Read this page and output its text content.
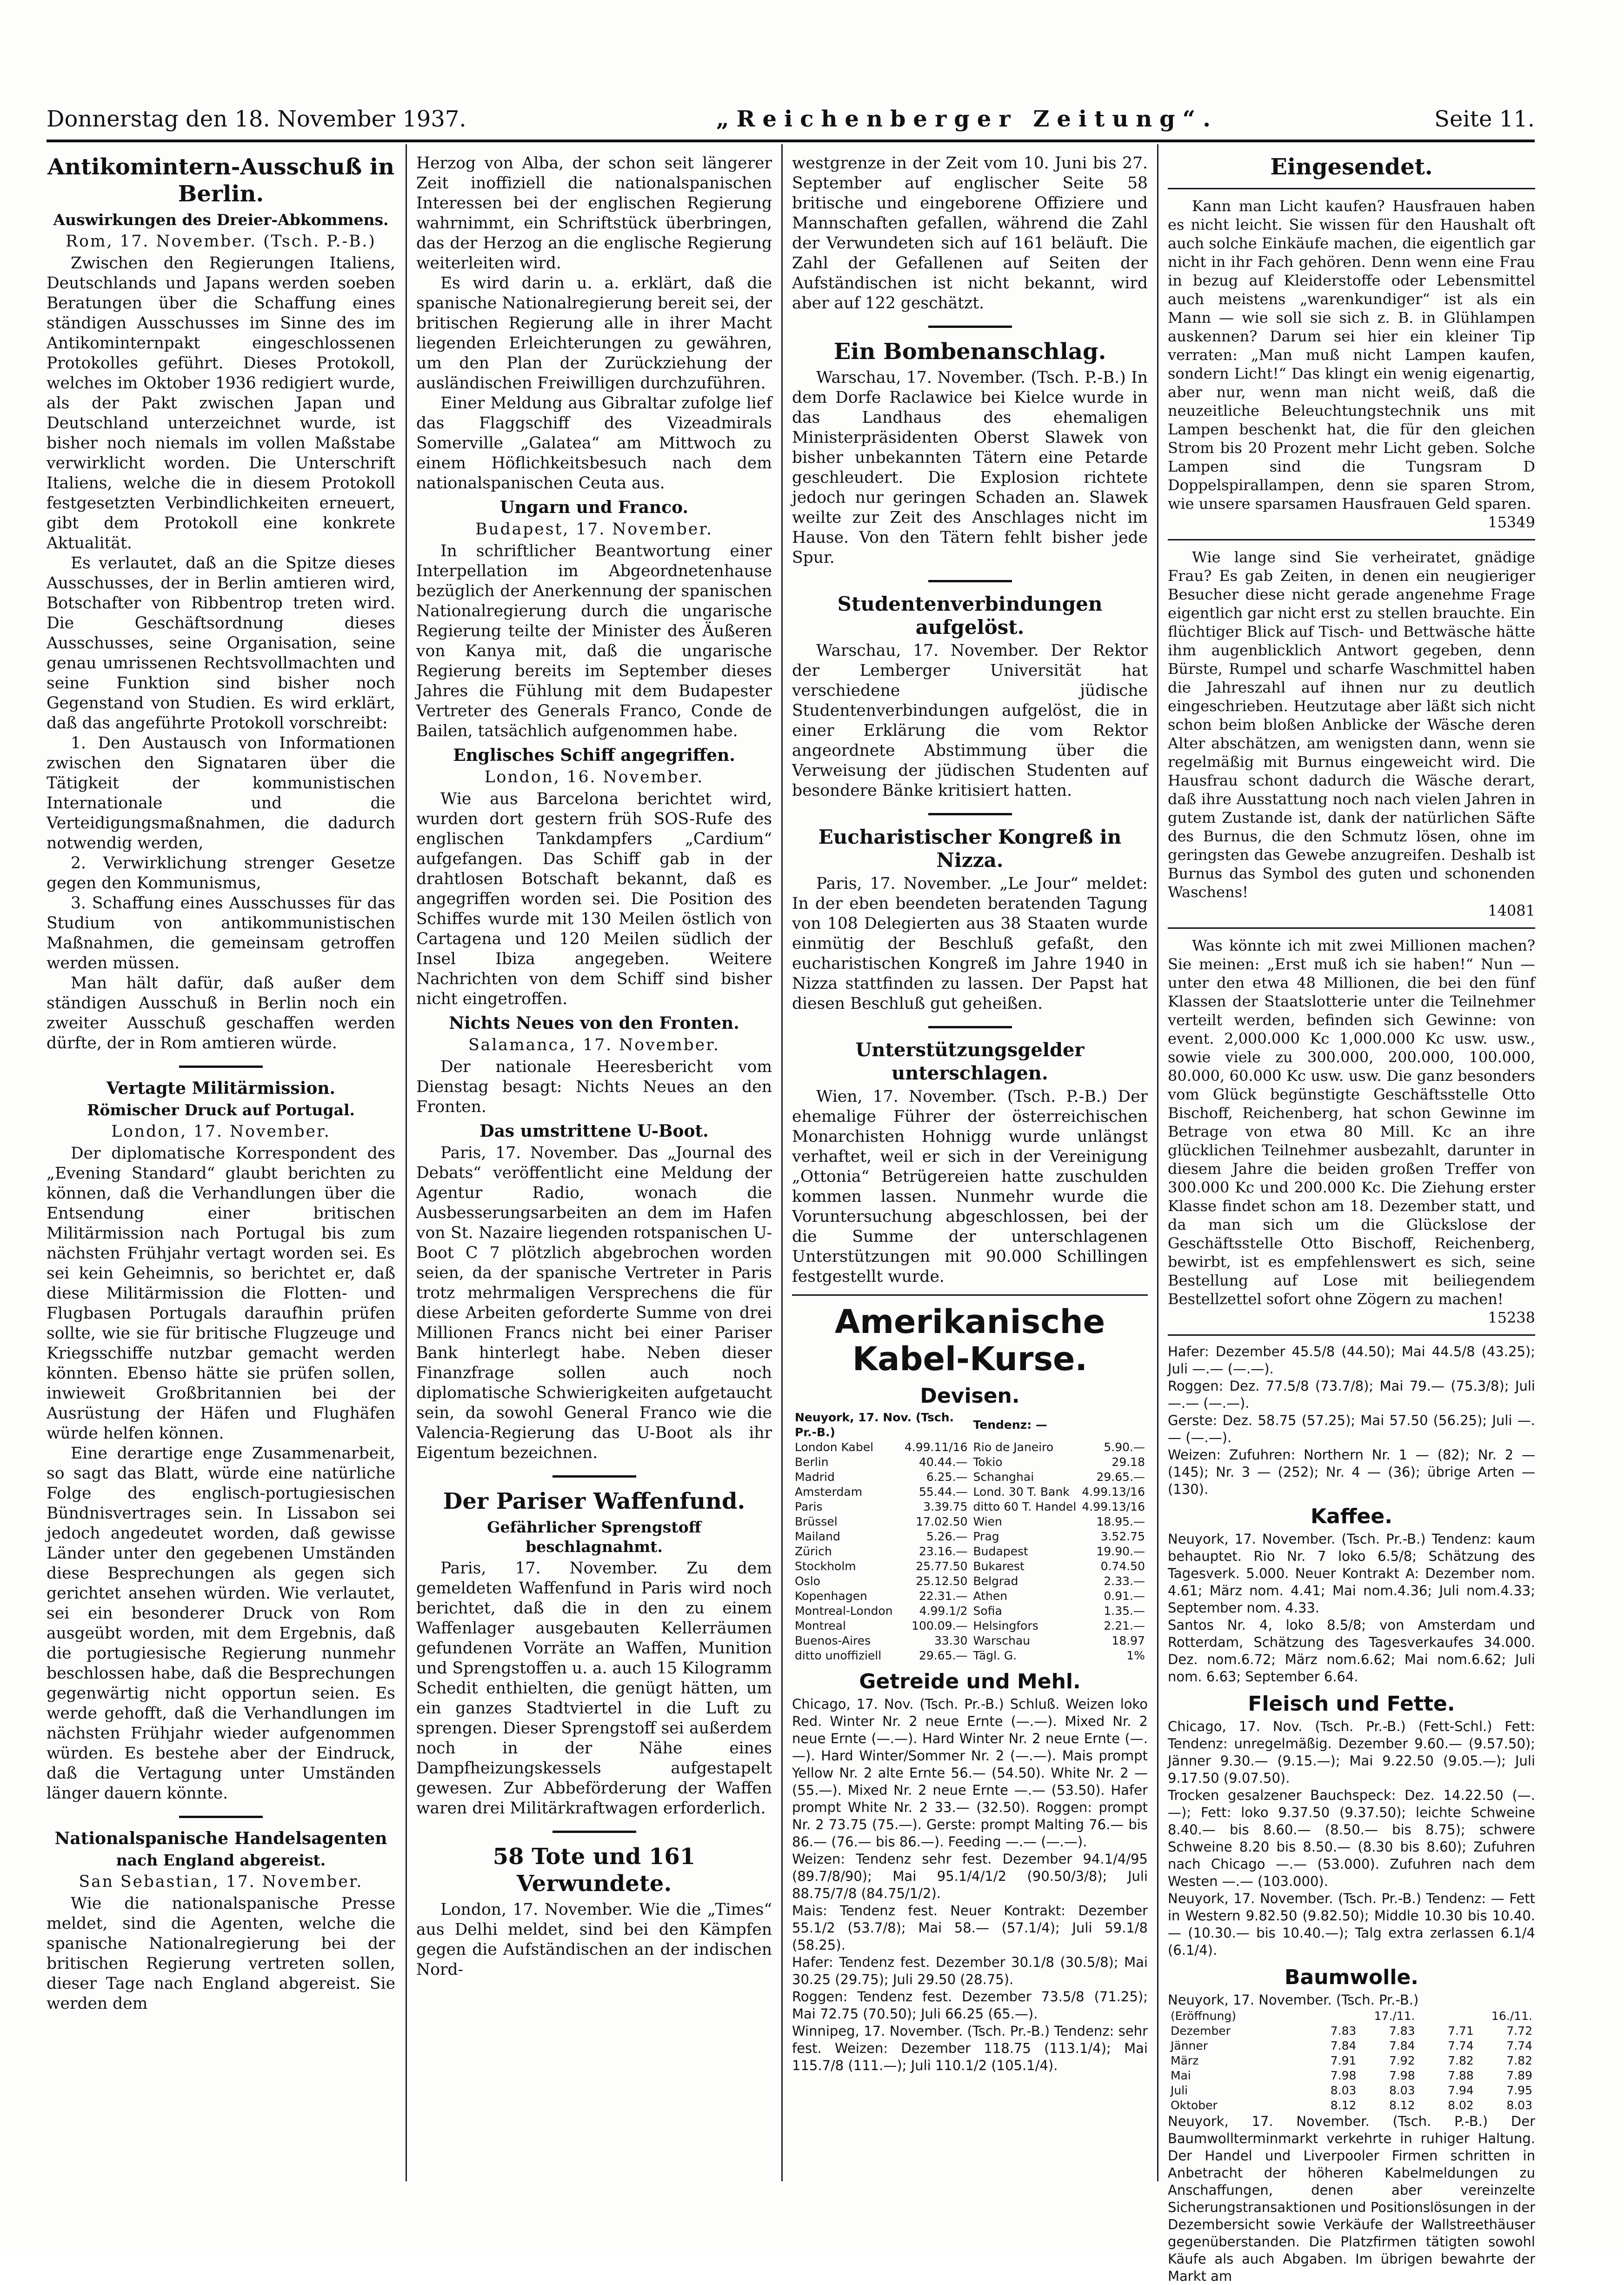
Donnerstag den 18. November 1937.	„Reichenberger Zeitung“.	Seite 11.
Antikomintern-Ausschuß in Berlin.
Auswirkungen des Dreier-Abkommens.
Rom, 17. November. (Tsch. P.-B.)

Zwischen den Regierungen Italiens, Deutschlands und Japans werden soeben Beratungen über die Schaffung eines ständigen Ausschusses im Sinne des im Antikominternpakt eingeschlossenen Protokolles geführt. Dieses Protokoll, welches im Oktober 1936 redigiert wurde, als der Pakt zwischen Japan und Deutschland unterzeichnet wurde, ist bisher noch niemals im vollen Maßstabe verwirklicht worden. Die Unterschrift Italiens, welche die in diesem Protokoll festgesetzten Verbindlichkeiten erneuert, gibt dem Protokoll eine konkrete Aktualität.

Es verlautet, daß an die Spitze dieses Ausschusses, der in Berlin amtieren wird, Botschafter von Ribbentrop treten wird. Die Geschäftsordnung dieses Ausschusses, seine Organisation, seine genau umrissenen Rechtsvollmachten und seine Funktion sind bisher noch Gegenstand von Studien. Es wird erklärt, daß das angeführte Protokoll vorschreibt:

1. Den Austausch von Informationen zwischen den Signataren über die Tätigkeit der kommunistischen Internationale und die Verteidigungsmaßnahmen, die dadurch notwendig werden,

2. Verwirklichung strenger Gesetze gegen den Kommunismus,

3. Schaffung eines Ausschusses für das Studium von antikommunistischen Maßnahmen, die gemeinsam getroffen werden müssen.

Man hält dafür, daß außer dem ständigen Ausschuß in Berlin noch ein zweiter Ausschuß geschaffen werden dürfte, der in Rom amtieren würde.

Vertagte Militärmission.
Römischer Druck auf Portugal.
London, 17. November.

Der diplomatische Korrespondent des „Evening Standard“ glaubt berichten zu können, daß die Verhandlungen über die Entsendung einer britischen Militärmission nach Portugal bis zum nächsten Frühjahr vertagt worden sei. Es sei kein Geheimnis, so berichtet er, daß diese Militärmission die Flotten- und Flugbasen Portugals daraufhin prüfen sollte, wie sie für britische Flugzeuge und Kriegsschiffe nutzbar gemacht werden könnten. Ebenso hätte sie prüfen sollen, inwieweit Großbritannien bei der Ausrüstung der Häfen und Flughäfen würde helfen können.

Eine derartige enge Zusammenarbeit, so sagt das Blatt, würde eine natürliche Folge des englisch-portugiesischen Bündnisvertrages sein. In Lissabon sei jedoch angedeutet worden, daß gewisse Länder unter den gegebenen Umständen diese Besprechungen als gegen sich gerichtet ansehen würden. Wie verlautet, sei ein besonderer Druck von Rom ausgeübt worden, mit dem Ergebnis, daß die portugiesische Regierung nunmehr beschlossen habe, daß die Besprechungen gegenwärtig nicht opportun seien. Es werde gehofft, daß die Verhandlungen im nächsten Frühjahr wieder aufgenommen würden. Es bestehe aber der Eindruck, daß die Vertagung unter Umständen länger dauern könnte.

Nationalspanische Handelsagenten
nach England abgereist.
San Sebastian, 17. November.

Wie die nationalspanische Presse meldet, sind die Agenten, welche die spanische Nationalregierung bei der britischen Regierung vertreten sollen, dieser Tage nach England abgereist. Sie werden dem

Herzog von Alba, der schon seit längerer Zeit inoffiziell die nationalspanischen Interessen bei der englischen Regierung wahrnimmt, ein Schriftstück überbringen, das der Herzog an die englische Regierung weiterleiten wird.

Es wird darin u. a. erklärt, daß die spanische Nationalregierung bereit sei, der britischen Regierung alle in ihrer Macht liegenden Erleichterungen zu gewähren, um den Plan der Zurückziehung der ausländischen Freiwilligen durchzuführen.

Einer Meldung aus Gibraltar zufolge lief das Flaggschiff des Vizeadmirals Somerville „Galatea“ am Mittwoch zu einem Höflichkeitsbesuch nach dem nationalspanischen Ceuta aus.

Ungarn und Franco.
Budapest, 17. November.

In schriftlicher Beantwortung einer Interpellation im Abgeordnetenhause bezüglich der Anerkennung der spanischen Nationalregierung durch die ungarische Regierung teilte der Minister des Äußeren von Kanya mit, daß die ungarische Regierung bereits im September dieses Jahres die Fühlung mit dem Budapester Vertreter des Generals Franco, Conde de Bailen, tatsächlich aufgenommen habe.

Englisches Schiff angegriffen.
London, 16. November.

Wie aus Barcelona berichtet wird, wurden dort gestern früh SOS-Rufe des englischen Tankdampfers „Cardium“ aufgefangen. Das Schiff gab in der drahtlosen Botschaft bekannt, daß es angegriffen worden sei. Die Position des Schiffes wurde mit 130 Meilen östlich von Cartagena und 120 Meilen südlich der Insel Ibiza angegeben. Weitere Nachrichten von dem Schiff sind bisher nicht eingetroffen.

Nichts Neues von den Fronten.
Salamanca, 17. November.

Der nationale Heeresbericht vom Dienstag besagt: Nichts Neues an den Fronten.

Das umstrittene U-Boot.

Paris, 17. November. Das „Journal des Debats“ veröffentlicht eine Meldung der Agentur Radio, wonach die Ausbesserungsarbeiten an dem im Hafen von St. Nazaire liegenden rotspanischen U-Boot C 7 plötzlich abgebrochen worden seien, da der spanische Vertreter in Paris trotz mehrmaligen Versprechens die für diese Arbeiten geforderte Summe von drei Millionen Francs nicht bei einer Pariser Bank hinterlegt habe. Neben dieser Finanzfrage sollen auch noch diplomatische Schwierigkeiten aufgetaucht sein, da sowohl General Franco wie die Valencia-Regierung das U-Boot als ihr Eigentum bezeichnen.

Der Pariser Waffenfund.
Gefährlicher Sprengstoff beschlagnahmt.

Paris, 17. November. Zu dem gemeldeten Waffenfund in Paris wird noch berichtet, daß die in den zu einem Waffenlager ausgebauten Kellerräumen gefundenen Vorräte an Waffen, Munition und Sprengstoffen u. a. auch 15 Kilogramm Schedit enthielten, die genügt hätten, um ein ganzes Stadtviertel in die Luft zu sprengen. Dieser Sprengstoff sei außerdem noch in der Nähe eines Dampfheizungskessels aufgestapelt gewesen. Zur Abbeförderung der Waffen waren drei Militärkraftwagen erforderlich.

58 Tote und 161 Verwundete.

London, 17. November. Wie die „Times“ aus Delhi meldet, sind bei den Kämpfen gegen die Aufständischen an der indischen Nord-

westgrenze in der Zeit vom 10. Juni bis 27. September auf englischer Seite 58 britische und eingeborene Offiziere und Mannschaften gefallen, während die Zahl der Verwundeten sich auf 161 beläuft. Die Zahl der Gefallenen auf Seiten der Aufständischen ist nicht bekannt, wird aber auf 122 geschätzt.

Ein Bombenanschlag.

Warschau, 17. November. (Tsch. P.-B.) In dem Dorfe Raclawice bei Kielce wurde in das Landhaus des ehemaligen Ministerpräsidenten Oberst Slawek von bisher unbekannten Tätern eine Petarde geschleudert. Die Explosion richtete jedoch nur geringen Schaden an. Slawek weilte zur Zeit des Anschlages nicht im Hause. Von den Tätern fehlt bisher jede Spur.

Studentenverbindungen aufgelöst.

Warschau, 17. November. Der Rektor der Lemberger Universität hat verschiedene jüdische Studentenverbindungen aufgelöst, die in einer Erklärung die vom Rektor angeordnete Abstimmung über die Verweisung der jüdischen Studenten auf besondere Bänke kritisiert hatten.

Eucharistischer Kongreß in Nizza.

Paris, 17. November. „Le Jour“ meldet: In der eben beendeten beratenden Tagung von 108 Delegierten aus 38 Staaten wurde einmütig der Beschluß gefaßt, den eucharistischen Kongreß im Jahre 1940 in Nizza stattfinden zu lassen. Der Papst hat diesen Beschluß gut geheißen.

Unterstützungsgelder unterschlagen.

Wien, 17. November. (Tsch. P.-B.) Der ehemalige Führer der österreichischen Monarchisten Hohnigg wurde unlängst verhaftet, weil er sich in der Vereinigung „Ottonia“ Betrügereien hatte zuschulden kommen lassen. Nunmehr wurde die Voruntersuchung abgeschlossen, bei der die Summe der unterschlagenen Unterstützungen mit 90.000 Schillingen festgestellt wurde.

Amerikanische Kabel-Kurse.
Devisen.
Neuyork, 17. Nov. (Tsch. Pr.-B.)		Tendenz: —	
London Kabel	4.99.11/16	Rio de Janeiro	5.90.—
Berlin	40.44.—	Tokio	29.18
Madrid	6.25.—	Schanghai	29.65.—
Amsterdam	55.44.—	Lond. 30 T. Bank	4.99.13/16
Paris	3.39.75	ditto 60 T. Handel	4.99.13/16
Brüssel	17.02.50	Wien	18.95.—
Mailand	5.26.—	Prag	3.52.75
Zürich	23.16.—	Budapest	19.90.—
Stockholm	25.77.50	Bukarest	0.74.50
Oslo	25.12.50	Belgrad	2.33.—
Kopenhagen	22.31.—	Athen	0.91.—
Montreal-London	4.99.1/2	Sofia	1.35.—
Montreal	100.09.—	Helsingfors	2.21.—
Buenos-Aires	33.30	Warschau	18.97
ditto unoffiziell	29.65.—	Tägl. G.	1%
Getreide und Mehl.

Chicago, 17. Nov. (Tsch. Pr.-B.) Schluß. Weizen loko Red. Winter Nr. 2 neue Ernte (—.—). Mixed Nr. 2 neue Ernte (—.—). Hard Winter Nr. 2 neue Ernte (—.—). Hard Winter/Sommer Nr. 2 (—.—). Mais prompt Yellow Nr. 2 alte Ernte 56.— (54.50). White Nr. 2 — (55.—). Mixed Nr. 2 neue Ernte —.— (53.50). Hafer prompt White Nr. 2 33.— (32.50). Roggen: prompt Nr. 2 73.75 (75.—). Gerste: prompt Malting 76.— bis 86.— (76.— bis 86.—). Feeding —.— (—.—).

Weizen: Tendenz sehr fest. Dezember 94.1/4/95 (89.7/8/90); Mai 95.1/4/1/2 (90.50/3/8); Juli 88.75/7/8 (84.75/1/2).

Mais: Tendenz fest. Neuer Kontrakt: Dezember 55.1/2 (53.7/8); Mai 58.— (57.1/4); Juli 59.1/8 (58.25).

Hafer: Tendenz fest. Dezember 30.1/8 (30.5/8); Mai 30.25 (29.75); Juli 29.50 (28.75).

Roggen: Tendenz fest. Dezember 73.5/8 (71.25); Mai 72.75 (70.50); Juli 66.25 (65.—).

Winnipeg, 17. November. (Tsch. Pr.-B.) Tendenz: sehr fest. Weizen: Dezember 118.75 (113.1/4); Mai 115.7/8 (111.—); Juli 110.1/2 (105.1/4).

Eingesendet.

Kann man Licht kaufen? Hausfrauen haben es nicht leicht. Sie wissen für den Haushalt oft auch solche Einkäufe machen, die eigentlich gar nicht in ihr Fach gehören. Denn wenn eine Frau in bezug auf Kleiderstoffe oder Lebensmittel auch meistens „warenkundiger“ ist als ein Mann — wie soll sie sich z. B. in Glühlampen auskennen? Darum sei hier ein kleiner Tip verraten: „Man muß nicht Lampen kaufen, sondern Licht!“ Das klingt ein wenig eigenartig, aber nur, wenn man nicht weiß, daß die neuzeitliche Beleuchtungstechnik uns mit Lampen beschenkt hat, die für den gleichen Strom bis 20 Prozent mehr Licht geben. Solche Lampen sind die Tungsram D Doppelspirallampen, denn sie sparen Strom, wie unsere sparsamen Hausfrauen Geld sparen.

15349

Wie lange sind Sie verheiratet, gnädige Frau? Es gab Zeiten, in denen ein neugieriger Besucher diese nicht gerade angenehme Frage eigentlich gar nicht erst zu stellen brauchte. Ein flüchtiger Blick auf Tisch- und Bettwäsche hätte ihm augenblicklich Antwort gegeben, denn Bürste, Rumpel und scharfe Waschmittel haben die Jahreszahl auf ihnen nur zu deutlich eingeschrieben. Heutzutage aber läßt sich nicht schon beim bloßen Anblicke der Wäsche deren Alter abschätzen, am wenigsten dann, wenn sie regelmäßig mit Burnus eingeweicht wird. Die Hausfrau schont dadurch die Wäsche derart, daß ihre Ausstattung noch nach vielen Jahren in gutem Zustande ist, dank der natürlichen Säfte des Burnus, die den Schmutz lösen, ohne im geringsten das Gewebe anzugreifen. Deshalb ist Burnus das Symbol des guten und schonenden Waschens!

14081

Was könnte ich mit zwei Millionen machen? Sie meinen: „Erst muß ich sie haben!“ Nun — unter den etwa 48 Millionen, die bei den fünf Klassen der Staatslotterie unter die Teilnehmer verteilt werden, befinden sich Gewinne: von event. 2,000.000 Kc 1,000.000 Kc usw. usw., sowie viele zu 300.000, 200.000, 100.000, 80.000, 60.000 Kc usw. usw. Die ganz besonders vom Glück begünstigte Geschäftsstelle Otto Bischoff, Reichenberg, hat schon Gewinne im Betrage von etwa 80 Mill. Kc an ihre glücklichen Teilnehmer ausbezahlt, darunter in diesem Jahre die beiden großen Treffer von 300.000 Kc und 200.000 Kc. Die Ziehung erster Klasse findet schon am 18. Dezember statt, und da man sich um die Glückslose der Geschäftsstelle Otto Bischoff, Reichenberg, bewirbt, ist es empfehlenswert es sich, seine Bestellung auf Lose mit beiliegendem Bestellzettel sofort ohne Zögern zu machen!

15238

Hafer: Dezember 45.5/8 (44.50); Mai 44.5/8 (43.25); Juli —.— (—.—).

Roggen: Dez. 77.5/8 (73.7/8); Mai 79.— (75.3/8); Juli —.— (—.—).

Gerste: Dez. 58.75 (57.25); Mai 57.50 (56.25); Juli —.— (—.—).

Weizen: Zufuhren: Northern Nr. 1 — (82); Nr. 2 — (145); Nr. 3 — (252); Nr. 4 — (36); übrige Arten — (130).

Kaffee.

Neuyork, 17. November. (Tsch. Pr.-B.) Tendenz: kaum behauptet. Rio Nr. 7 loko 6.5/8; Schätzung des Tagesverk. 5.000. Neuer Kontrakt A: Dezember nom. 4.61; März nom. 4.41; Mai nom.4.36; Juli nom.4.33; September nom. 4.33.

Santos Nr. 4, loko 8.5/8; von Amsterdam und Rotterdam, Schätzung des Tagesverkaufes 34.000. Dez. nom.6.72; März nom.6.62; Mai nom.6.62; Juli nom. 6.63; September 6.64.

Fleisch und Fette.

Chicago, 17. Nov. (Tsch. Pr.-B.) (Fett-Schl.) Fett: Tendenz: unregelmäßig. Dezember 9.60.— (9.57.50); Jänner 9.30.— (9.15.—); Mai 9.22.50 (9.05.—); Juli 9.17.50 (9.07.50).

Trocken gesalzener Bauchspeck: Dez. 14.22.50 (—.—); Fett: loko 9.37.50 (9.37.50); leichte Schweine 8.40.— bis 8.60.— (8.50.— bis 8.75); schwere Schweine 8.20 bis 8.50.— (8.30 bis 8.60); Zufuhren nach Chicago —.— (53.000). Zufuhren nach dem Westen —.— (103.000).

Neuyork, 17. November. (Tsch. Pr.-B.) Tendenz: — Fett in Western 9.82.50 (9.82.50); Middle 10.30 bis 10.40.— (10.30.— bis 10.40.—); Talg extra zerlassen 6.1/4 (6.1/4).

Baumwolle.
Neuyork, 17. November. (Tsch. Pr.-B.)
(Eröffnung)	17./11.		16./11.	
Dezember	7.83	7.83	7.71	7.72
Jänner	7.84	7.84	7.74	7.74
März	7.91	7.92	7.82	7.82
Mai	7.98	7.98	7.88	7.89
Juli	8.03	8.03	7.94	7.95
Oktober	8.12	8.12	8.02	8.03

Neuyork, 17. November. (Tsch. P.-B.) Der Baumwollterminmarkt verkehrte in ruhiger Haltung. Der Handel und Liverpooler Firmen schritten in Anbetracht der höheren Kabelmeldungen zu Anschaffungen, denen aber vereinzelte Sicherungstransaktionen und Positionslösungen in der Dezembersicht sowie Verkäufe der Wallstreethäuser gegenüberstanden. Die Platzfirmen tätigten sowohl Käufe als auch Abgaben. Im übrigen bewahrte der Markt am
